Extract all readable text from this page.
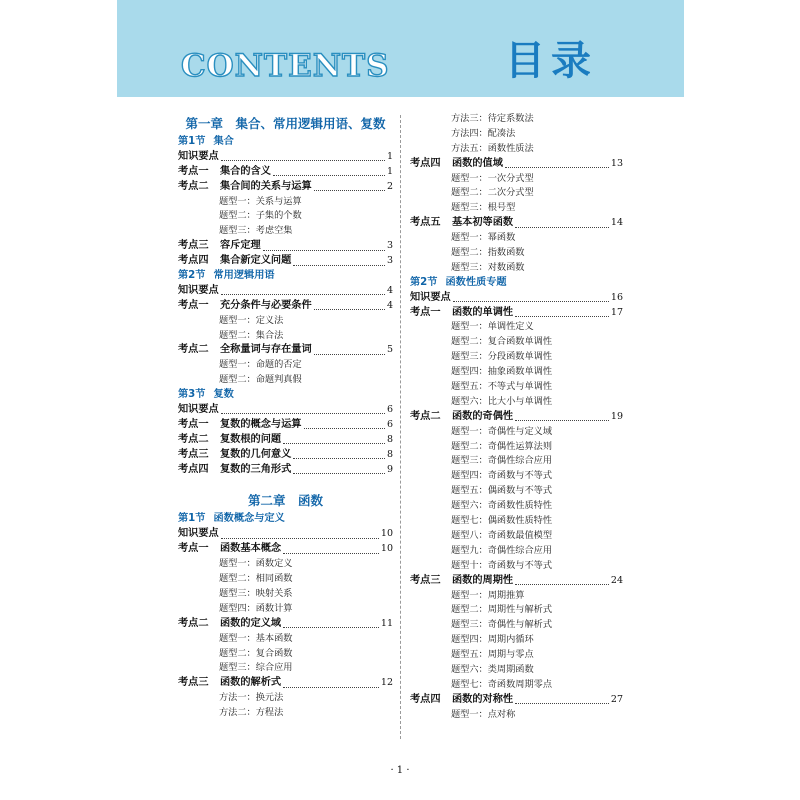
CONTENTS	目录
第一章　集合、常用逻辑用语、复数
第1节 集合
知识要点	1
考点一	集合的含义	1
考点二	集合间的关系与运算	2
题型一：关系与运算
题型二：子集的个数
题型三：考虑空集
考点三	容斥定理	3
考点四	集合新定义问题	3
第2节 常用逻辑用语
知识要点	4
考点一	充分条件与必要条件	4
题型一：定义法
题型二：集合法
考点二	全称量词与存在量词	5
题型一：命题的否定
题型二：命题判真假
第3节 复数
知识要点	6
考点一	复数的概念与运算	6
考点二	复数根的问题	8
考点三	复数的几何意义	8
考点四	复数的三角形式	9
第二章　函数
第1节 函数概念与定义
知识要点	10
考点一	函数基本概念	10
题型一：函数定义
题型二：相同函数
题型三：映射关系
题型四：函数计算
考点二	函数的定义域	11
题型一：基本函数
题型二：复合函数
题型三：综合应用
考点三	函数的解析式	12
方法一：换元法
方法二：方程法
方法三：待定系数法
方法四：配凑法
方法五：函数性质法
考点四	函数的值域	13
题型一：一次分式型
题型二：二次分式型
题型三：根号型
考点五	基本初等函数	14
题型一：幂函数
题型二：指数函数
题型三：对数函数
第2节 函数性质专题
知识要点	16
考点一	函数的单调性	17
题型一：单调性定义
题型二：复合函数单调性
题型三：分段函数单调性
题型四：抽象函数单调性
题型五：不等式与单调性
题型六：比大小与单调性
考点二	函数的奇偶性	19
题型一：奇偶性与定义域
题型二：奇偶性运算法则
题型三：奇偶性综合应用
题型四：奇函数与不等式
题型五：偶函数与不等式
题型六：奇函数性质特性
题型七：偶函数性质特性
题型八：奇函数最值模型
题型九：奇偶性综合应用
题型十：奇函数与不等式
考点三	函数的周期性	24
题型一：周期推算
题型二：周期性与解析式
题型三：奇偶性与解析式
题型四：周期内循环
题型五：周期与零点
题型六：类周期函数
题型七：奇函数周期零点
考点四	函数的对称性	27
题型一：点对称
· 1 ·
